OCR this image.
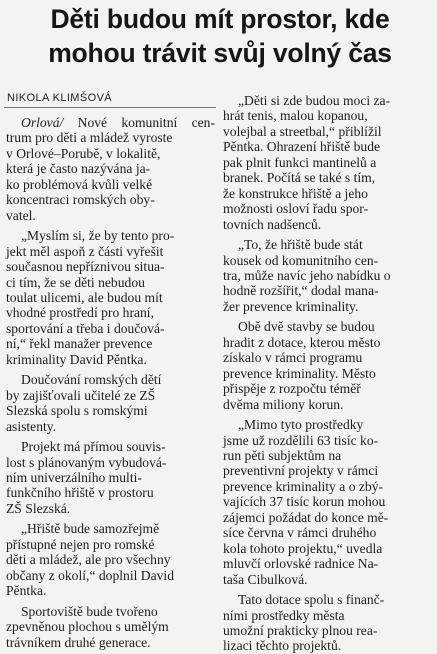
Děti budou mít prostor, kde
mohou trávit svůj volný čas
NIKOLA KLIMŠOVÁ
Orlová/ Nové komunitní cen-
trum pro děti a mládež vyroste
v Orlové–Porubě, v lokalitě,
která je často nazývána ja-
ko problémová kvůli velké
koncentraci romských oby-
vatel.
„Myslím si, že by tento pro-
jekt měl aspoň z části vyřešit
současnou nepříznivou situa-
ci tím, že se děti nebudou
toulat ulicemi, ale budou mít
vhodné prostředí pro hraní,
sportování a třeba i doučová-
ní,“ řekl manažer prevence
kriminality David Pěntka.
Doučování romských dětí
by zajišťovali učitelé ze ZŠ
Slezská spolu s romskými
asistenty.
Projekt má přímou souvis-
lost s plánovaným vybudová-
ním univerzálního multi-
funkčního hřiště v prostoru
ZŠ Slezská.
„Hřiště bude samozřejmě
přístupné nejen pro romské
děti a mládež, ale pro všechny
občany z okolí,“ doplnil David
Pěntka.
Sportoviště bude tvořeno
zpevněnou plochou s umělým
trávníkem druhé generace.
„Děti si zde budou moci za-
hrát tenis, malou kopanou,
volejbal a streetbal,“ přiblížil
Pěntka. Ohrazení hřiště bude
pak plnit funkci mantinelů a
branek. Počítá se také s tím,
že konstrukce hřiště a jeho
možnosti osloví řadu spor-
tovních nadšenců.
„To, že hřiště bude stát
kousek od komunitního cen-
tra, může navíc jeho nabídku o
hodně rozšířit,“ dodal mana-
žer prevence kriminality.
Obě dvě stavby se budou
hradit z dotace, kterou město
získalo v rámci programu
prevence kriminality. Město
přispěje z rozpočtu téměř
dvěma miliony korun.
„Mimo tyto prostředky
jsme už rozdělili 63 tisíc ko-
run pěti subjektům na
preventivní projekty v rámci
prevence kriminality a o zbý-
vajících 37 tisíc korun mohou
zájemci požádat do konce mě-
síce června v rámci druhého
kola tohoto projektu,“ uvedla
mluvčí orlovské radnice Na-
taša Cibulková.
Tato dotace spolu s finanč-
ními prostředky města
umožní prakticky plnou rea-
lizaci těchto projektů.
